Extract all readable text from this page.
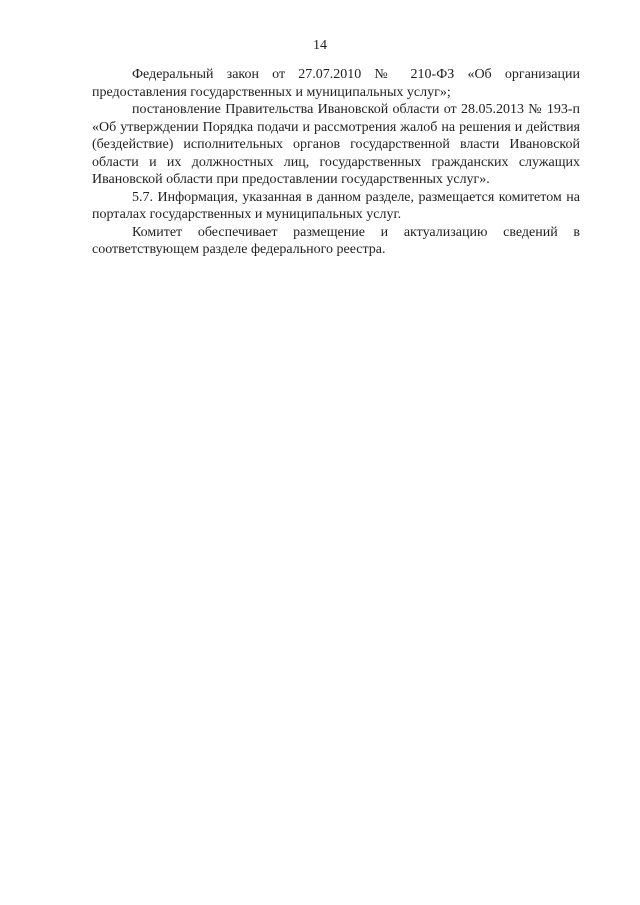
14

Федеральный закон от 27.07.2010 № 210-ФЗ «Об организации предоставления государственных и муниципальных услуг»;

постановление Правительства Ивановской области от 28.05.2013 № 193-п «Об утверждении Порядка подачи и рассмотрения жалоб на решения и действия (бездействие) исполнительных органов государственной власти Ивановской области и их должностных лиц, государственных гражданских служащих Ивановской области при предоставлении государственных услуг».

5.7. Информация, указанная в данном разделе, размещается комитетом на порталах государственных и муниципальных услуг.

Комитет обеспечивает размещение и актуализацию сведений в соответствующем разделе федерального реестра.
